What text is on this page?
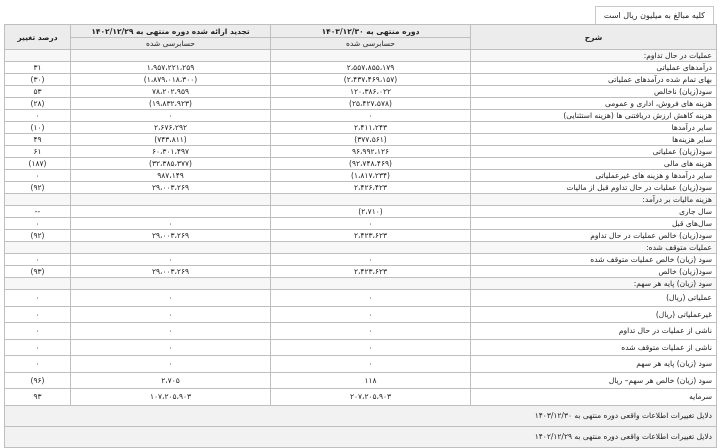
کلیه مبالغ به میلیون ریال است
شرح	دوره منتهی به ۱۴۰۳/۱۲/۳۰	تجدید ارائه شده دوره منتهی به ۱۴۰۲/۱۲/۲۹	درصد تغییر
	حسابرسی شده	حسابرسی شده	
عملیات در حال تداوم:			
درآمدهای عملیاتی	۲،۵۵۷،۸۵۵،۱۷۹	۱،۹۵۷،۲۲۱،۲۵۹	۳۱
بهای تمام شده درآمدهای عملیاتی	(۲،۴۳۷،۴۶۹،۱۵۷)	(۱،۸۷۹،۰۱۸،۳۰۰)	(۳۰)
سود(زیان) ناخالص	۱۲۰،۳۸۶،۰۲۲	۷۸،۲۰۲،۹۵۹	۵۳
هزینه های فروش، اداری و عمومی	(۲۵،۴۲۷،۵۷۸)	(۱۹،۸۳۲،۹۲۳)	(۲۸)
هزینه کاهش ارزش دریافتنی ها (هزینه استثنایی)	۰	۰	۰
سایر درآمدها	۲،۴۱۱،۲۴۳	۲،۶۷۶،۲۹۲	(۱۰)
سایر هزینه‌ها	(۳۷۷،۵۶۱)	(۷۴۳،۸۱۱)	۴۹
سود(زیان) عملیاتی	۹۶،۹۹۲،۱۲۶	۶۰،۳۰۱،۴۹۷	۶۱
هزینه های مالی	(۹۲،۷۴۸،۴۶۹)	(۳۲،۳۸۵،۳۷۷)	(۱۸۷)
سایر درآمدها و هزینه های غیرعملیاتی	(۱،۸۱۷،۲۳۴)	۹۸۷،۱۴۹	۰
سود(زیان) عملیات در حال تداوم قبل از مالیات	۲،۴۲۶،۴۲۳	۲۹،۰۰۳،۲۶۹	(۹۲)
هزینه مالیات بر درآمد:			
سال جاری	(۲،۷۱۰)		--
سال‌های قبل	۰	۰	۰
سود(زیان) خالص عملیات در حال تداوم	۲،۴۲۳،۶۲۳	۲۹،۰۰۳،۲۶۹	(۹۲)
عملیات متوقف شده:			
سود (زیان) خالص عملیات متوقف شده	۰	۰	۰
سود(زیان) خالص	۲،۴۲۳،۶۲۳	۲۹،۰۰۳،۲۶۹	(۹۳)
سود (زیان) پایه هر سهم:			
عملیاتی (ریال)	۰	۰	۰
غیرعملیاتی (ریال)	۰	۰	۰
ناشی از عملیات در حال تداوم	۰	۰	۰
ناشی از عملیات متوقف شده	۰	۰	۰
سود (زیان) پایه هر سهم	۰	۰	۰
سود (زیان) خالص هر سهم– ریال	۱۱۸	۲،۷۰۵	(۹۶)
سرمایه	۲۰۷،۲۰۵،۹۰۳	۱۰۷،۲۰۵،۹۰۳	۹۳
دلایل تغییرات اطلاعات واقعی دوره منتهی به ۱۴۰۳/۱۲/۳۰			
دلایل تغییرات اطلاعات واقعی دوره منتهی به ۱۴۰۲/۱۲/۲۹			
